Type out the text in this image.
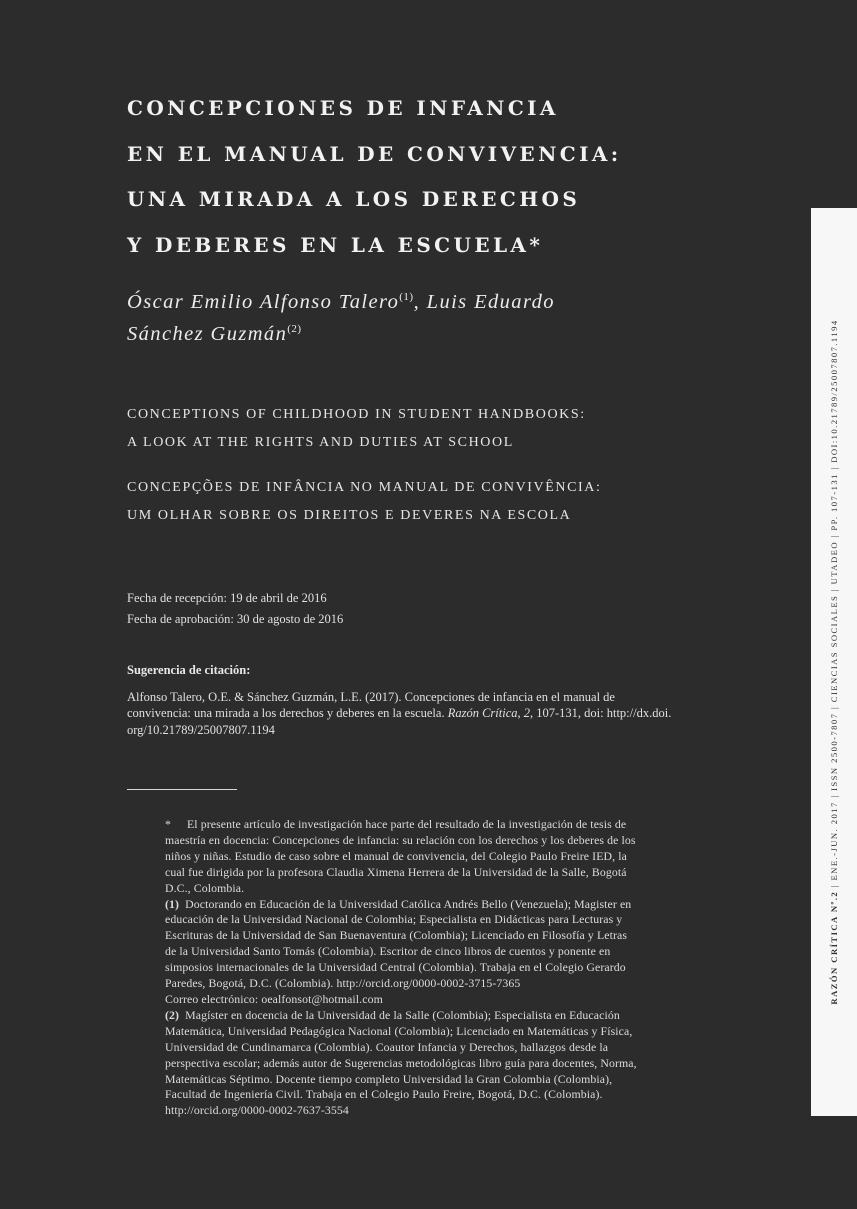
CONCEPCIONES DE INFANCIA
EN EL MANUAL DE CONVIVENCIA:
UNA MIRADA A LOS DERECHOS
Y DEBERES EN LA ESCUELA*
Óscar Emilio Alfonso Talero$^{(1)}$, Luis Eduardo
Sánchez Guzmán$^{(2)}$
CONCEPTIONS OF CHILDHOOD IN STUDENT HANDBOOKS:
A LOOK AT THE RIGHTS AND DUTIES AT SCHOOL
CONCEPÇÕES DE INFÂNCIA NO MANUAL DE CONVIVÊNCIA:
UM OLHAR SOBRE OS DIREITOS E DEVERES NA ESCOLA
Fecha de recepción: 19 de abril de 2016
Fecha de aprobación: 30 de agosto de 2016
Sugerencia de citación:
Alfonso Talero, O.E. & Sánchez Guzmán, L.E. (2017). Concepciones de infancia en el manual de
convivencia: una mirada a los derechos y deberes en la escuela. Razón Crítica, 2, 107-131, doi: http://dx.doi.
org/10.21789/25007807.1194
* El presente artículo de investigación hace parte del resultado de la investigación de tesis de
maestría en docencia: Concepciones de infancia: su relación con los derechos y los deberes de los
niños y niñas. Estudio de caso sobre el manual de convivencia, del Colegio Paulo Freire IED, la
cual fue dirigida por la profesora Claudia Ximena Herrera de la Universidad de la Salle, Bogotá
D.C., Colombia.
(1) Doctorando en Educación de la Universidad Católica Andrés Bello (Venezuela); Magister en
educación de la Universidad Nacional de Colombia; Especialista en Didácticas para Lecturas y
Escrituras de la Universidad de San Buenaventura (Colombia); Licenciado en Filosofía y Letras
de la Universidad Santo Tomás (Colombia). Escritor de cinco libros de cuentos y ponente en
simposios internacionales de la Universidad Central (Colombia). Trabaja en el Colegio Gerardo
Paredes, Bogotá, D.C. (Colombia). http://orcid.org/0000-0002-3715-7365
Correo electrónico: oealfonsot@hotmail.com
(2) Magíster en docencia de la Universidad de la Salle (Colombia); Especialista en Educación
Matemática, Universidad Pedagógica Nacional (Colombia); Licenciado en Matemáticas y Física,
Universidad de Cundinamarca (Colombia). Coautor Infancia y Derechos, hallazgos desde la
perspectiva escolar; además autor de Sugerencias metodológicas libro guía para docentes, Norma,
Matemáticas Séptimo. Docente tiempo completo Universidad la Gran Colombia (Colombia),
Facultad de Ingeniería Civil. Trabaja en el Colegio Paulo Freire, Bogotá, D.C. (Colombia).
http://orcid.org/0000-0002-7637-3554
RAZÓN CRÍTICA Nº.2 | ENE.-JUN. 2017 | ISSN 2500-7807 | CIENCIAS SOCIALES | UTADEO | PP. 107-131 | DOI:10.21789/25007807.1194
